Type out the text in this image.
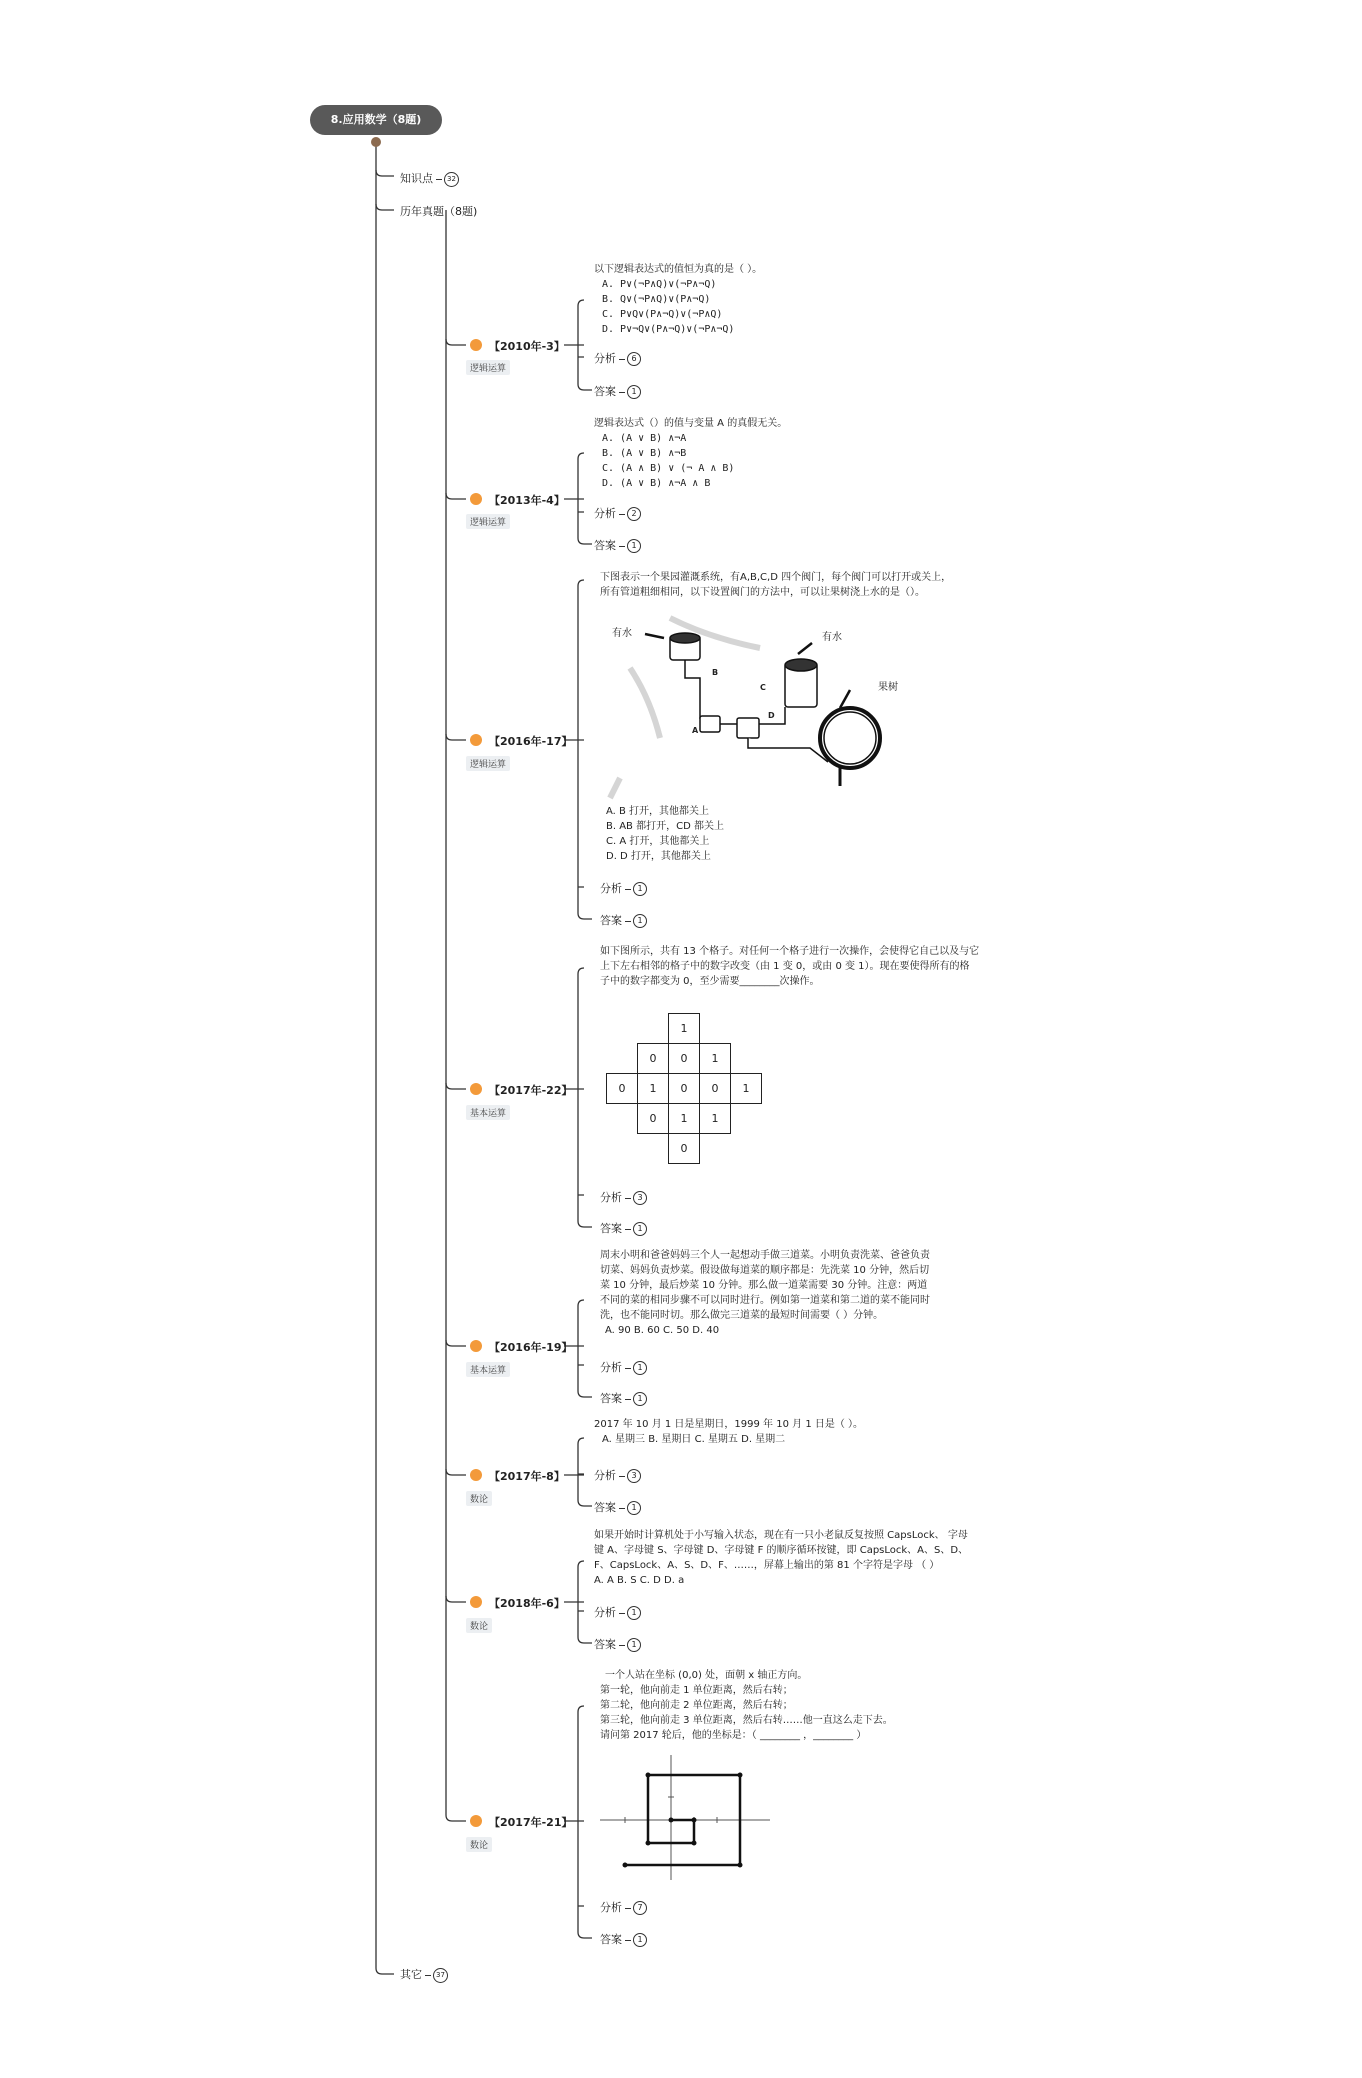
8.应用数学（8题)
知识点 32
历年真题（8题)
其它 37
【2010年-3】
逻辑运算
以下逻辑表达式的值恒为真的是（ ）。
A. P∨(¬P∧Q)∨(¬P∧¬Q)
B. Q∨(¬P∧Q)∨(P∧¬Q)
C. P∨Q∨(P∧¬Q)∨(¬P∧Q)
D. P∨¬Q∨(P∧¬Q)∨(¬P∧¬Q)
分析 6
答案 1
【2013年-4】
逻辑运算
逻辑表达式（）的值与变量 A 的真假无关。
A. (A ∨ B) ∧¬A
B. (A ∨ B) ∧¬B
C. (A ∧ B) ∨ (¬ A ∧ B)
D. (A ∨ B) ∧¬A ∧ B
分析 2
答案 1
【2016年-17】
逻辑运算
下图表示一个果园灌溉系统，有A,B,C,D 四个阀门，每个阀门可以打开或关上，
所有管道粗细相同，以下设置阀门的方法中，可以让果树浇上水的是（）。
有水	有水
果树
B
A
C
D
A. B 打开，其他都关上
B. AB 都打开，CD 都关上
C. A 打开，其他都关上
D. D 打开，其他都关上
分析 1
答案 1
【2017年-22】
基本运算
如下图所示，共有 13 个格子。对任何一个格子进行一次操作，会使得它自己以及与它
上下左右相邻的格子中的数字改变（由 1 变 0，或由 0 变 1）。现在要使得所有的格
子中的数字都变为 0，至少需要________次操作。
		1		
	0	0	1	
0	1	0	0	1
	0	1	1	
		0		
分析 3
答案 1
【2016年-19】
基本运算
周末小明和爸爸妈妈三个人一起想动手做三道菜。小明负责洗菜、爸爸负责
切菜、妈妈负责炒菜。假设做每道菜的顺序都是：先洗菜 10 分钟，然后切
菜 10 分钟，最后炒菜 10 分钟。那么做一道菜需要 30 分钟。注意：两道
不同的菜的相同步骤不可以同时进行。例如第一道菜和第二道的菜不能同时
洗，也不能同时切。那么做完三道菜的最短时间需要（ ）分钟。
A. 90 B. 60 C. 50 D. 40
分析 1
答案 1
【2017年-8】
数论
2017 年 10 月 1 日是星期日，1999 年 10 月 1 日是（ ）。
A. 星期三 B. 星期日 C. 星期五 D. 星期二
分析 3
答案 1
【2018年-6】
数论
如果开始时计算机处于小写输入状态，现在有一只小老鼠反复按照 CapsLock、 字母
键 A、字母键 S、字母键 D、字母键 F 的顺序循环按键，即 CapsLock、A、S、D、
F、CapsLock、A、S、D、F、……，屏幕上输出的第 81 个字符是字母 （ ）
A. A B. S C. D D. a
分析 1
答案 1
【2017年-21】
数论
一个人站在坐标 (0,0) 处，面朝 x 轴正方向。
第一轮，他向前走 1 单位距离，然后右转；
第二轮，他向前走 2 单位距离，然后右转；
第三轮，他向前走 3 单位距离，然后右转……他一直这么走下去。
请问第 2017 轮后，他的坐标是：（ ________ ，________ ）
分析 7
答案 1
